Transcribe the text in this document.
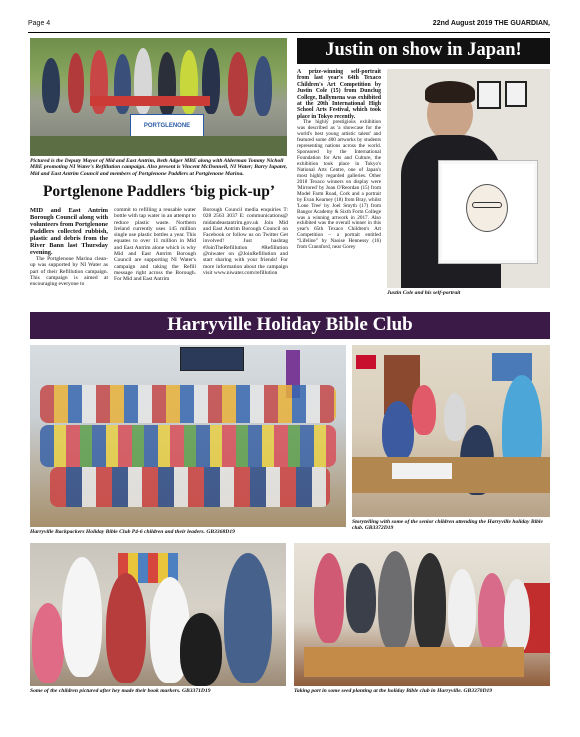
Page 4	22nd August 2019 THE GUARDIAN,
PORTGLENONE
Pictured is the Deputy Mayor of Mid and East Antrim, Beth Adger MBE along with Alderman Tommy Nicholl MBE promoting NI Water's Refillution campaign. Also present is Vincent McDonnell, NI Water; Barry Iupater, Mid and East Antrim Council and members of Portglenone Paddlers at Portglenone Marina.
Portglenone Paddlers ‘big pick-up’
MID and East Antrim Borough Council along with volunteers from Portglenone Paddlers collected rubbish, plastic and debris from the River Bann last Thursday evening.
The Portglenone Marina clean-up was supported by NI Water as part of their Refillution campaign. This campaign is aimed at encouraging everyone to
commit to refilling a reusable water bottle with tap water in an attempt to reduce plastic waste. Northern Ireland currently uses 145 million single use plastic bottles a year. This equates to over 11 million in Mid and East Antrim alone which is why Mid and East Antrim Borough Council are supporting NI Water's campaign and taking the Refill message right across the Borough. For Mid and East Antrim
Borough Council media enquiries T: 028 2563 3037 E: communications@ midandeastantrim.gov.uk Join Mid and East Antrim Borough Council on Facebook or follow us on Twitter Get involved! Just hashtag #JoinTheRefillution #Refillution @niwater on @JoinRefillution and start sharing with your friends! For more information about the campaign visit www.niwater.com/refillution
Justin on show in Japan!
A prize-winning self-portrait from last year's 64th Texaco Children's Art Competition by Justin Cole (15) from Dunclug College, Ballymena was exhibited at the 20th International High School Arts Festival, which took place in Tokyo recently.
The highly prestigious exhibition was described as 'a showcase for the world's best young artistic talent' and featured some 400 artworks by students representing nations across the world. Sponsored by the International Foundation for Arts and Culture, the exhibition took place in Tokyo's National Arts Centre, one of Japan's most highly regarded galleries. Other 2018 Texaco winners on display were 'Mirrored' by Joan O'Reordan (15) from Model Farm Road, Cork and a portrait by Evan Kearney (18) from Bray, whilst 'Lone Tree' by Joel Smyth (17) from Bangor Academy & Sixth Form College was a winning artwork in 2017. Also exhibited was the overall winner in this year's 65th Texaco Children's Art Competition – a portrait entitled “Lifeline” by Naoise Hennessy (16) from Crannford, near Gorey
Justin Cole and his self-portrait
Harryville Holiday Bible Club
Harryville Backpackers Holiday Bible Club P4-6 children and their leaders. GB3368D19
Storytelling with some of the senior children attending the Harryville holiday Bible club. GB3372D19
Some of the children pictured after hey made their book markers. GB3371D19	Taking part in some seed planting at the holiday Bible club in Harryville. GB3370D19
